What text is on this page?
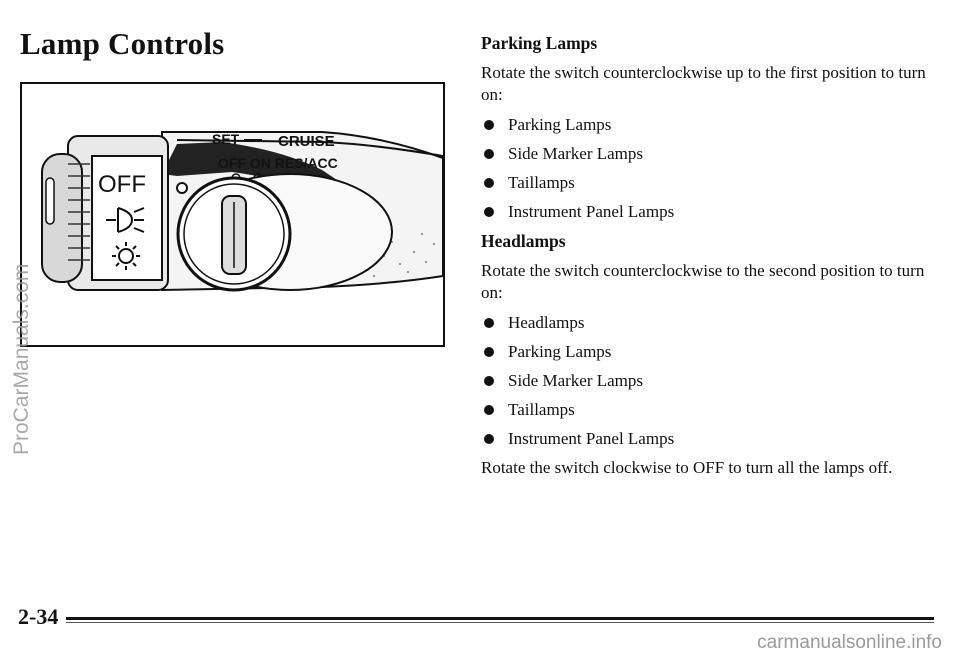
Lamp Controls
OFF
SET	CRUISE
OFF ON RES/ACC
ProCarManuals.com
Parking Lamps

Rotate the switch counterclockwise up to the first position to turn on:

Parking Lamps
Side Marker Lamps
Taillamps
Instrument Panel Lamps
Headlamps

Rotate the switch counterclockwise to the second position to turn on:

Headlamps
Parking Lamps
Side Marker Lamps
Taillamps
Instrument Panel Lamps

Rotate the switch clockwise to OFF to turn all the lamps off.

2-34
carmanualsonline.info
